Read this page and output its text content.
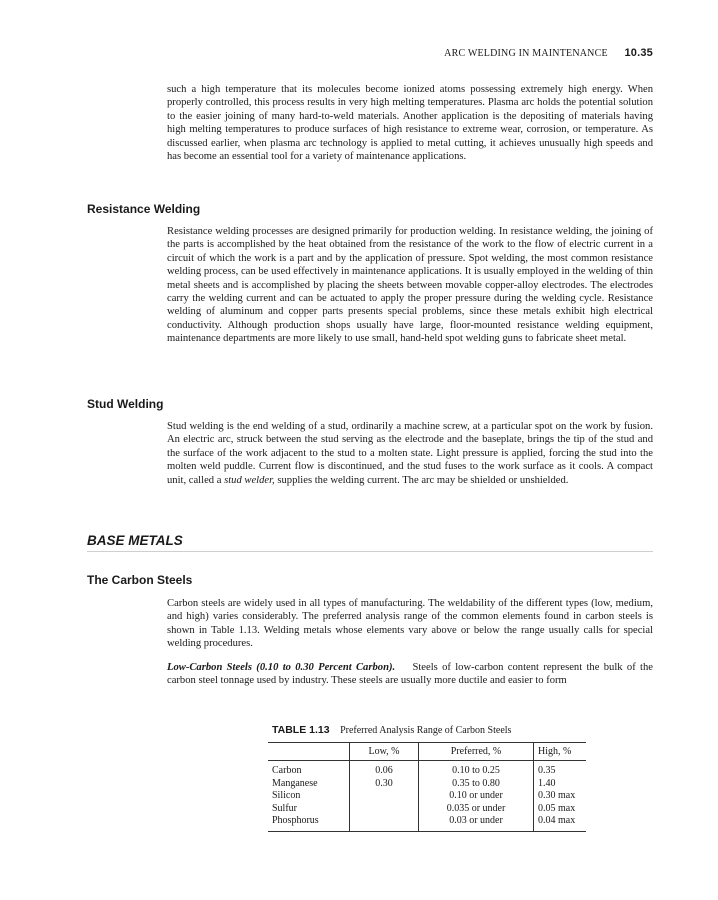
ARC WELDING IN MAINTENANCE 10.35

such a high temperature that its molecules become ionized atoms possessing extremely high energy. When properly controlled, this process results in very high melting temperatures. Plasma arc holds the potential solution to the easier joining of many hard-to-weld materials. Another application is the depositing of materials having high melting temperatures to produce surfaces of high resistance to extreme wear, corrosion, or temperature. As discussed earlier, when plasma arc technology is applied to metal cutting, it achieves unusually high speeds and has become an essential tool for a variety of maintenance applications.

Resistance Welding

Resistance welding processes are designed primarily for production welding. In resistance welding, the joining of the parts is accomplished by the heat obtained from the resistance of the work to the flow of electric current in a circuit of which the work is a part and by the application of pressure. Spot welding, the most common resistance welding process, can be used effectively in maintenance applications. It is usually employed in the welding of thin metal sheets and is accomplished by placing the sheets between movable copper-alloy electrodes. The electrodes carry the welding current and can be actuated to apply the proper pressure during the welding cycle. Resistance welding of aluminum and copper parts presents special problems, since these metals exhibit high electrical conductivity. Although production shops usually have large, floor-mounted resistance welding equipment, maintenance departments are more likely to use small, hand-held spot welding guns to fabricate sheet metal.

Stud Welding

Stud welding is the end welding of a stud, ordinarily a machine screw, at a particular spot on the work by fusion. An electric arc, struck between the stud serving as the electrode and the baseplate, brings the tip of the stud and the surface of the work adjacent to the stud to a molten state. Light pressure is applied, forcing the stud into the molten weld puddle. Current flow is discontinued, and the stud fuses to the work surface as it cools. A compact unit, called a stud welder, supplies the welding current. The arc may be shielded or unshielded.

BASE METALS
The Carbon Steels

Carbon steels are widely used in all types of manufacturing. The weldability of the different types (low, medium, and high) varies considerably. The preferred analysis range of the common elements found in carbon steels is shown in Table 1.13. Welding metals whose elements vary above or below the range usually calls for special welding procedures.

Low-Carbon Steels (0.10 to 0.30 Percent Carbon). Steels of low-carbon content represent the bulk of the carbon steel tonnage used by industry. These steels are usually more ductile and easier to form

TABLE 1.13 Preferred Analysis Range of Carbon Steels
	Low, %	Preferred, %	High, %
Carbon	0.06	0.10 to 0.25	0.35
Manganese	0.30	0.35 to 0.80	1.40
Silicon		0.10 or under	0.30 max
Sulfur		0.035 or under	0.05 max
Phosphorus		0.03 or under	0.04 max
